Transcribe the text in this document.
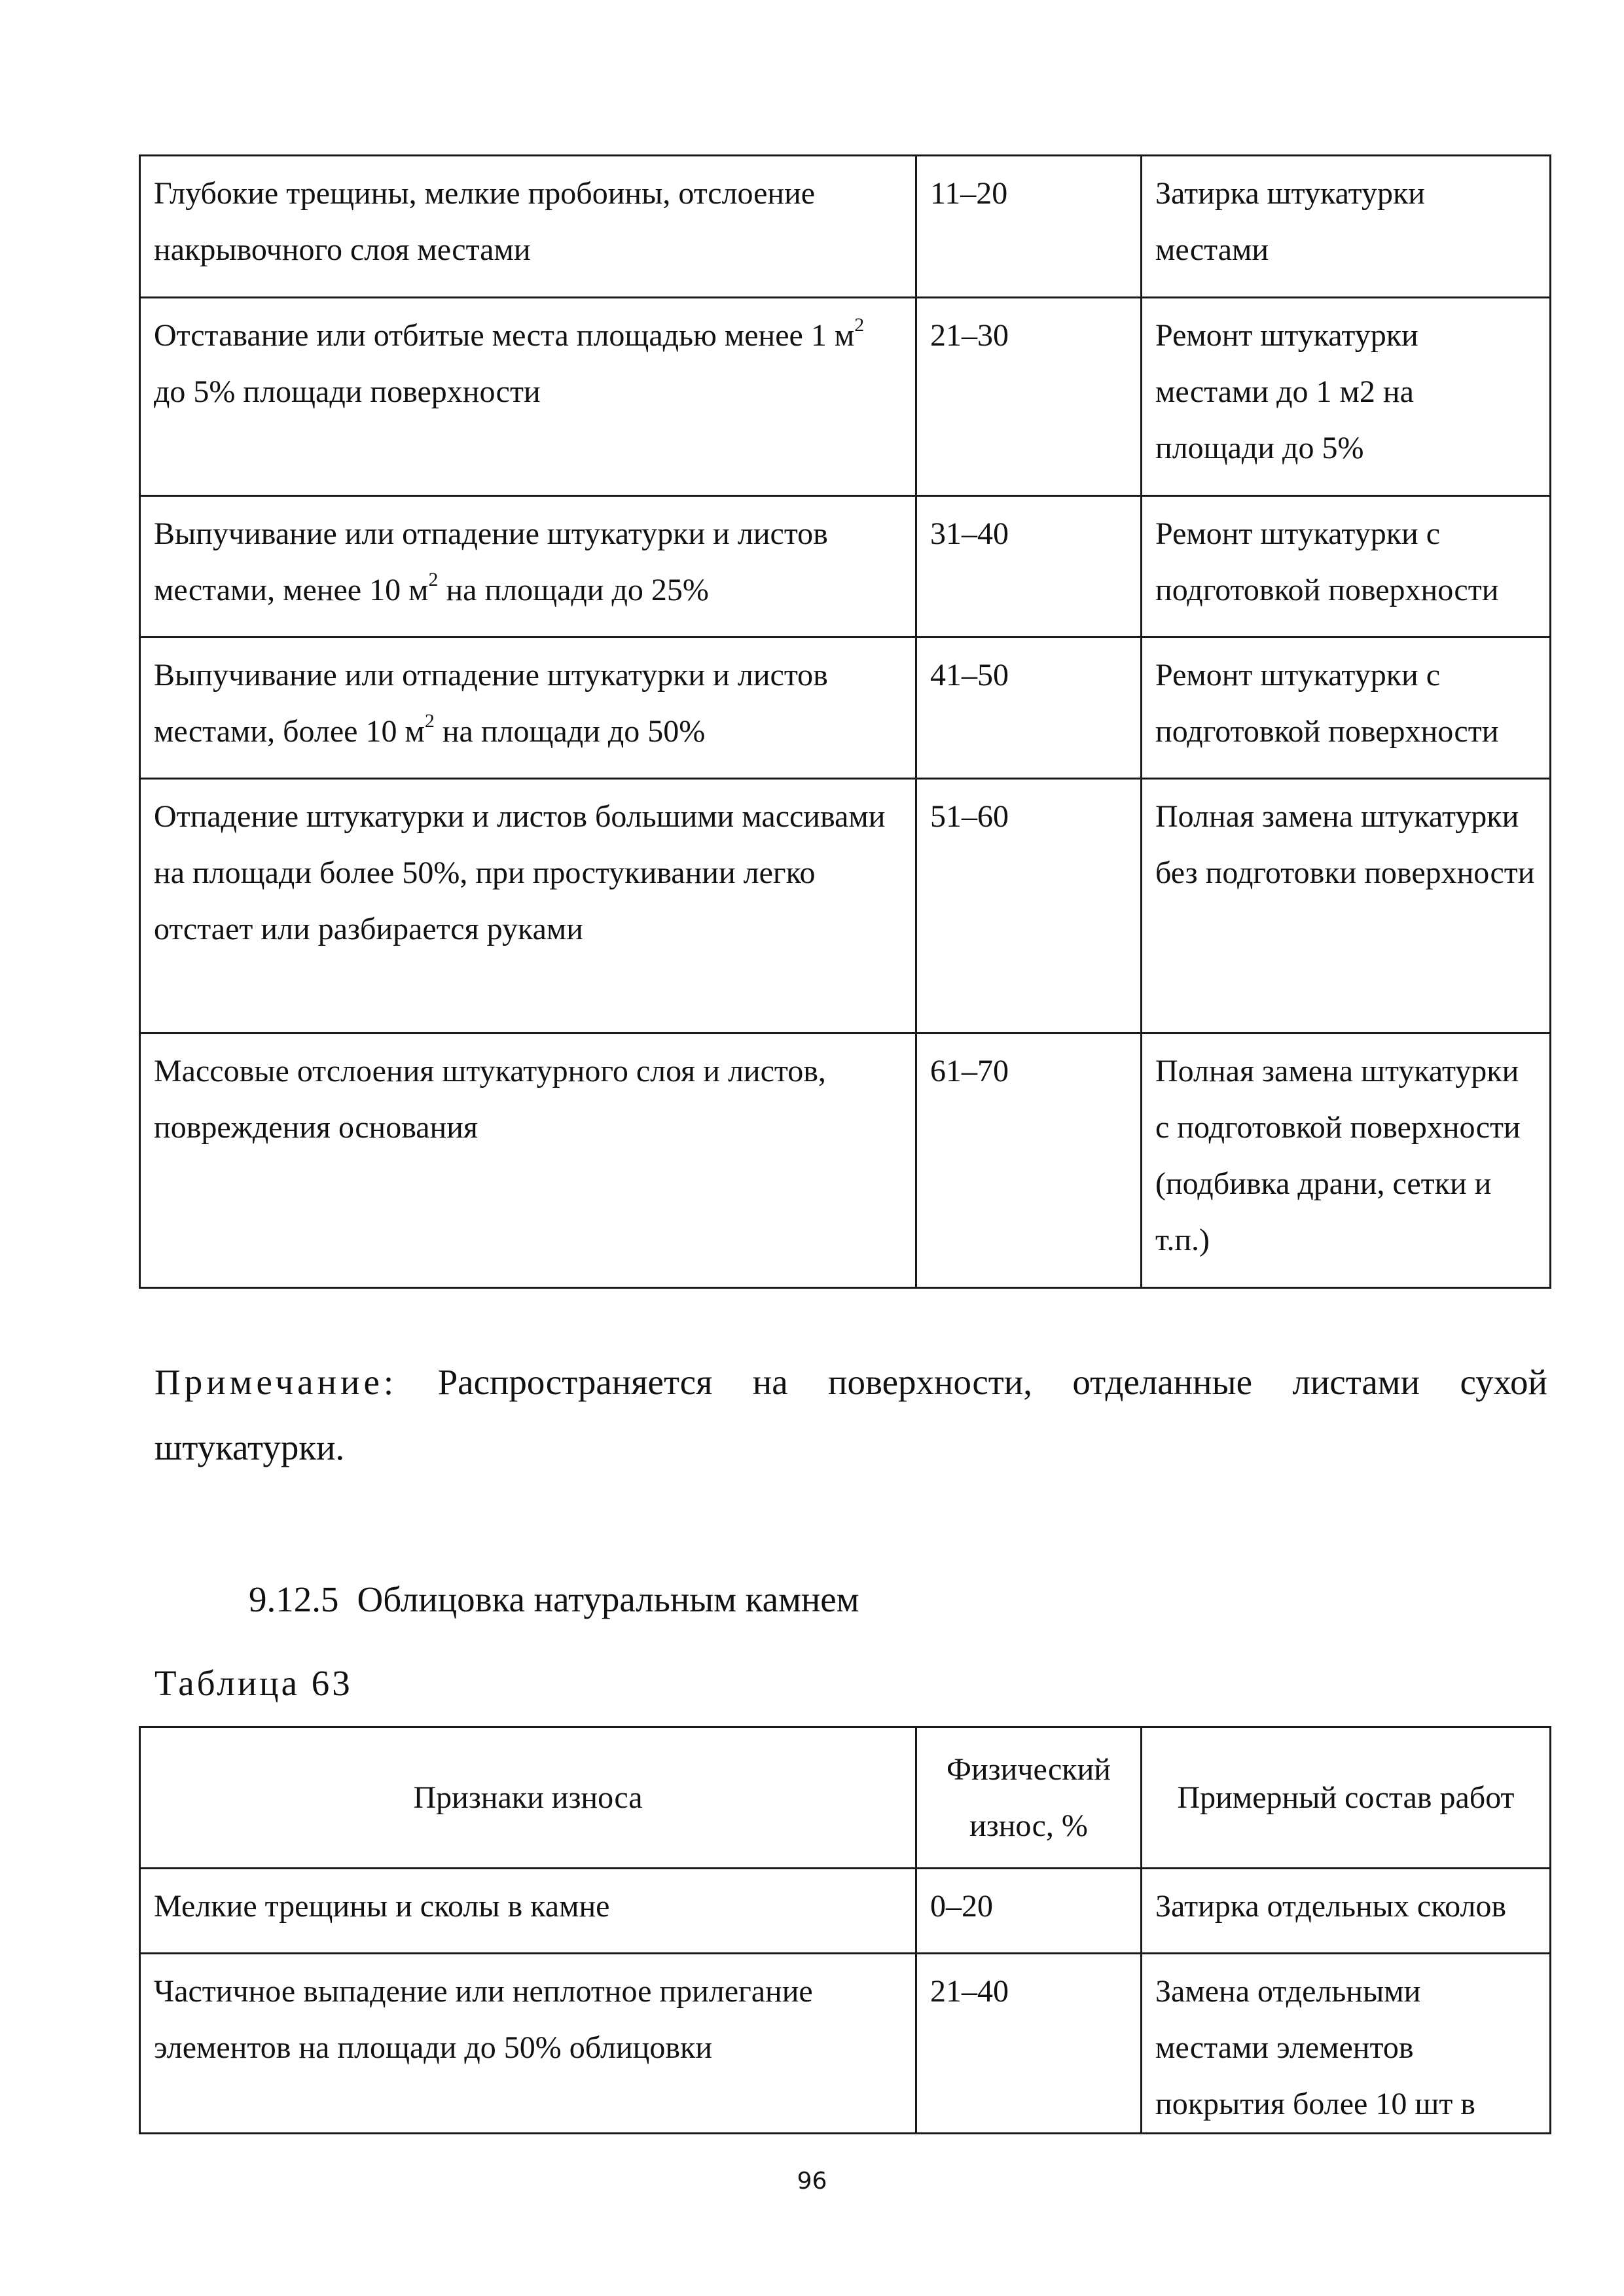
Глубокие трещины, мелкие пробоины, отслоение накрывочного слоя местами	11–20	Затирка штукатурки местами
Отставание или отбитые места площадью менее 1 $м^2$ до 5% площади поверхности	21–30	Ремонт штукатурки местами до 1 м2 на площади до 5%
Выпучивание или отпадение штукатурки и листов местами, менее 10 $м^2$ на площади до 25%	31–40	Ремонт штукатурки с подготовкой поверхности
Выпучивание или отпадение штукатурки и листов местами, более 10 $м^2$ на площади до 50%	41–50	Ремонт штукатурки с подготовкой поверхности
Отпадение штукатурки и листов большими массивами на площади более 50%, при простукивании легко отстает или разбирается руками	51–60	Полная замена штукатурки без подготовки поверхности
Массовые отслоения штукатурного слоя и листов, повреждения основания	61–70	Полная замена штукатурки с подготовкой поверхности (подбивка драни, сетки и т.п.)

Примечание: Распространяется на поверхности, отделанные листами сухой штукатурки.

9.12.5 Облицовка натуральным камнем
Таблица 63
Признаки износа	Физический износ, %	Примерный состав работ
Мелкие трещины и сколы в камне	0–20	Затирка отдельных сколов
Частичное выпадение или неплотное прилегание элементов на площади до 50% облицовки	21–40	Замена отдельными местами элементов покрытия более 10 шт в
96
